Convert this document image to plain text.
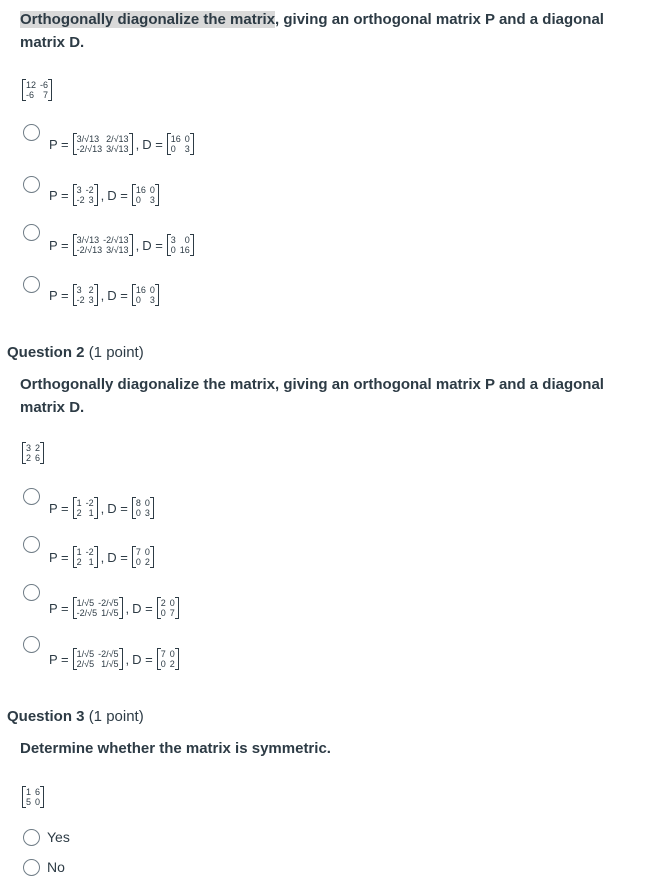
Orthogonally diagonalize the matrix, giving an orthogonal matrix P and a diagonal matrix D.
12 -6
-6 7
P = 3/√13 2/√13
-2/√13 3/√13 , D = 16 0
0 3
P = 3 -2
-2 3 , D = 16 0
0 3
P = 3/√13 -2/√13
-2/√13 3/√13 , D = 3 0
0 16
P = 3 2
-2 3 , D = 16 0
0 3
Question 2 (1 point)
Orthogonally diagonalize the matrix, giving an orthogonal matrix P and a diagonal matrix D.
3 2
2 6
P = 1 -2
2 1 , D = 8 0
0 3
P = 1 -2
2 1 , D = 7 0
0 2
P = 1/√5 -2/√5
-2/√5 1/√5 , D = 2 0
0 7
P = 1/√5 -2/√5
2/√5 1/√5 , D = 7 0
0 2
Question 3 (1 point)
Determine whether the matrix is symmetric.
1 6
5 0
Yes
No
